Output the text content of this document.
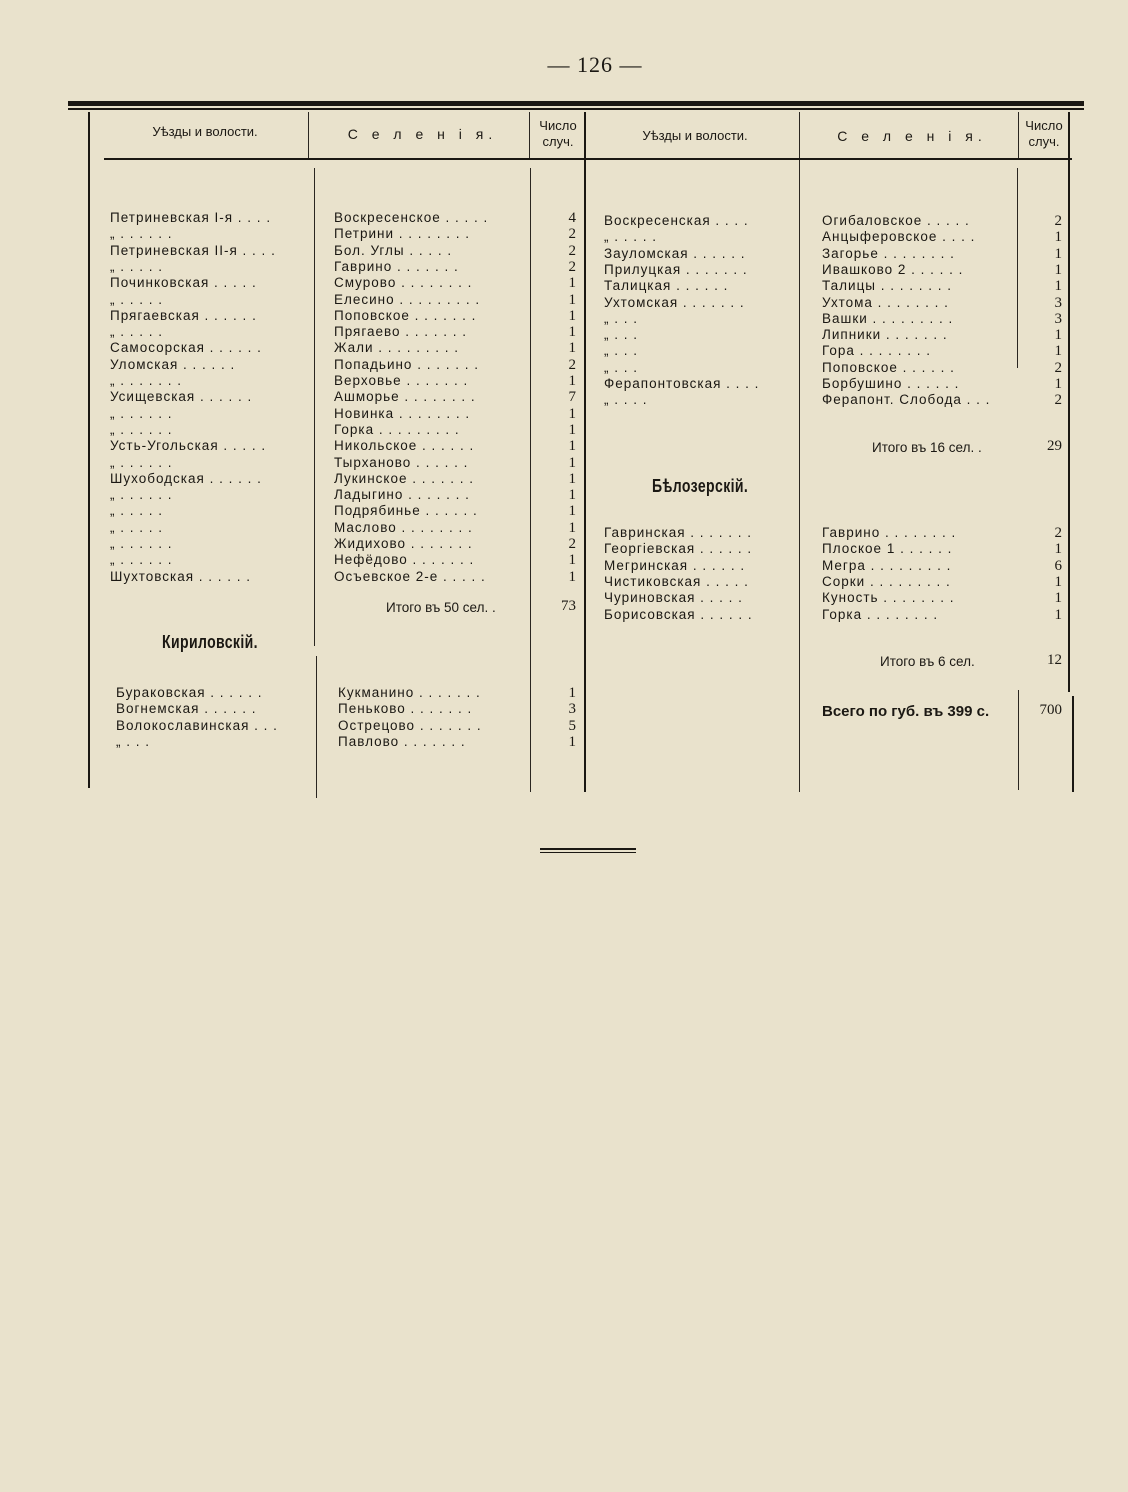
— 126 —
Уѣзды и волости.	С е л е н і я.
Число
случ.	Уѣзды и волости.	С е л е н і я.
Число
случ.
Петриневская I-я . . . .	Воскресенское . . . . .	4
„ . . . . . .	Петрини . . . . . . . .	2
Петриневская II-я . . . .	Бол. Углы . . . . .	2
„ . . . . .	Гаврино . . . . . . .	2
Починковская . . . . .	Смурово . . . . . . . .	1
„ . . . . .	Елесино . . . . . . . . .	1
Прягаевская . . . . . .	Поповское . . . . . . .	1
„ . . . . .	Прягаево . . . . . . .	1
Самосорская . . . . . .	Жали . . . . . . . . .	1
Уломская . . . . . .	Попадьино . . . . . . .	2
„ . . . . . . .	Верховье . . . . . . .	1
Усищевская . . . . . .	Ашморье . . . . . . . .	7
„ . . . . . .	Новинка . . . . . . . .	1
„ . . . . . .	Горка . . . . . . . . .	1
Усть-Угольская . . . . .	Никольское . . . . . .	1
„ . . . . . .	Тырханово . . . . . .	1
Шухободская . . . . . .	Лукинское . . . . . . .	1
„ . . . . . .	Ладыгино . . . . . . .	1
„ . . . . .	Подрябинье . . . . . .	1
„ . . . . .	Маслово . . . . . . . .	1
„ . . . . . .	Жидихово . . . . . . .	2
„ . . . . . .	Нефёдово . . . . . . .	1
Шухтовская . . . . . .	Осъевское 2-е . . . . .	1
Итого въ 50 сел. .	73
Кириловскій.
Бураковская . . . . . .	Кукманино . . . . . . .	1
Вогнемская . . . . . .	Пеньково . . . . . . .	3
Волокославинская . . .	Острецово . . . . . . .	5
„ . . .	Павлово . . . . . . .	1
Воскресенская . . . .	Огибаловское . . . . .	2
„ . . . . .	Анцыферовское . . . .	1
Зауломская . . . . . .	Загорье . . . . . . . .	1
Прилуцкая . . . . . . .	Ивашково 2 . . . . . .	1
Талицкая . . . . . .	Талицы . . . . . . . .	1
Ухтомская . . . . . . .	Ухтома . . . . . . . .	3
„ . . .	Вашки . . . . . . . . .	3
„ . . .	Липники . . . . . . .	1
„ . . .	Гора . . . . . . . .	1
„ . . .	Поповское . . . . . .	2
Ферапонтовская . . . .	Борбушино . . . . . .	1
„ . . . .	Ферапонт. Слобода . . .	2
Итого въ 16 сел. .	29
Бѣлозерскій.
Гавринская . . . . . . .	Гаврино . . . . . . . .	2
Георгіевская . . . . . .	Плоское 1 . . . . . .	1
Мегринская . . . . . .	Мегра . . . . . . . . .	6
Чистиковская . . . . .	Сорки . . . . . . . . .	1
Чуриновская . . . . .	Куность . . . . . . . .	1
Борисовская . . . . . .	Горка . . . . . . . .	1
Итого въ 6 сел.	12
Всего по губ. въ 399 с.	700
